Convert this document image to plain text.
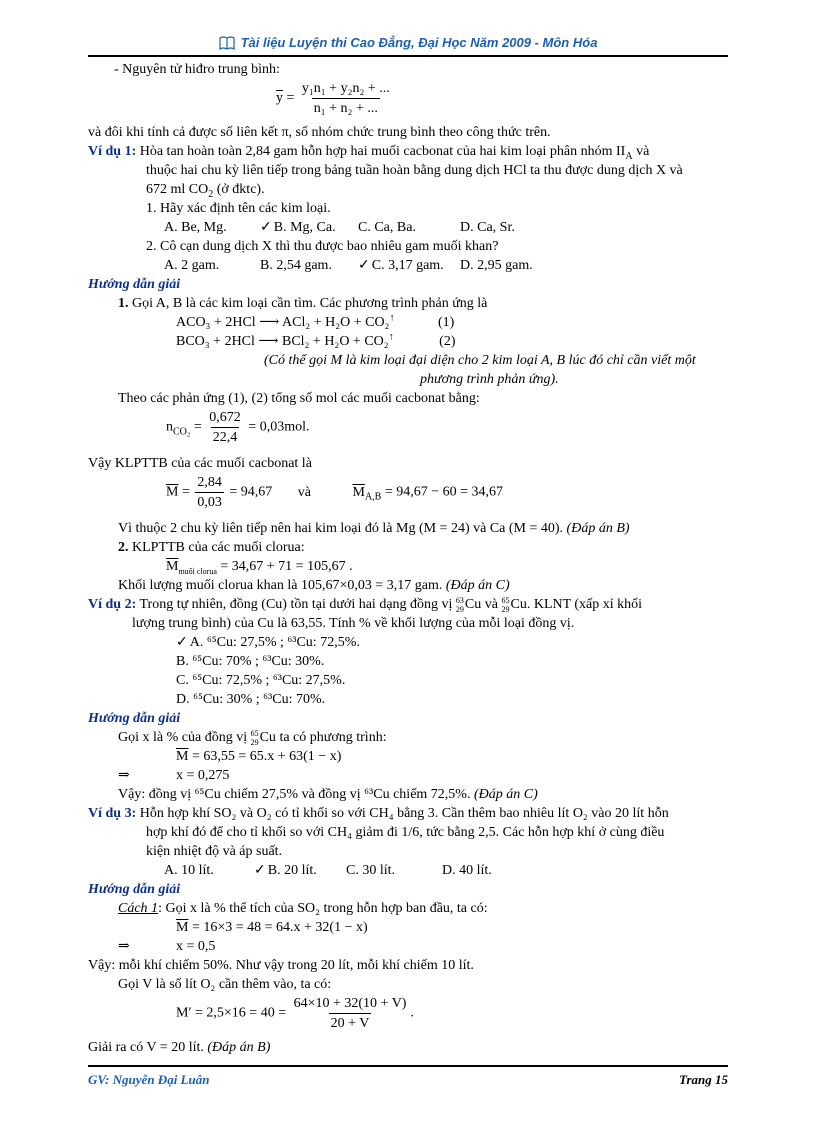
Tài liệu Luyện thi Cao Đẳng, Đại Học Năm 2009 - Môn Hóa
- Nguyên tử hiđro trung bình:
$\overline{y} = \frac{\text{y₁n₁ + y₂n₂ + ...}}{\text{n₁ + n₂ + ...}}$
và đôi khi tính cả được số liên kết π, số nhóm chức trung bình theo công thức trên.
Ví dụ 1: Hòa tan hoàn toàn 2,84 gam hỗn hợp hai muối cacbonat của hai kim loại phân nhóm $II_A$ và
thuộc hai chu kỳ liên tiếp trong bảng tuần hoàn bằng dung dịch HCl ta thu được dung dịch X và
672 ml $CO_2$ (ở đktc).
1. Hãy xác định tên các kim loại.
A. Be, Mg. ✓ B. Mg, Ca. C. Ca, Ba.	D. Ca, Sr.
2. Cô cạn dung dịch X thì thu được bao nhiêu gam muối khan?
A. 2 gam.	B. 2,54 gam. ✓ C. 3,17 gam. D. 2,95 gam.
Hướng dẫn giải
1. Gọi A, B là các kim loại cần tìm. Các phương trình phản ứng là
ACO₃ + 2HCl ⟶ ACl₂ + H₂O + CO₂↑	(1)
BCO₃ + 2HCl ⟶ BCl₂ + H₂O + CO₂↑	(2)
(Có thể gọi M là kim loại đại diện cho 2 kim loại A, B lúc đó chỉ cần viết một
phương trình phản ứng).
Theo các phản ứng (1), (2) tổng số mol các muối cacbonat bằng:
$n_{CO_2} = \frac{0,672}{22,4} = 0,03mol$.
Vậy KLPTTB của các muối cacbonat là
$\overline{M} = \frac{2,84}{0,03} = 94,67$ và	$\overline{M}_{A,B} = 94,67 - 60 = 34,67$
Vì thuộc 2 chu kỳ liên tiếp nên hai kim loại đó là Mg (M = 24) và Ca (M = 40). (Đáp án B)
2. KLPTTB của các muối clorua:
$\overline{M}_{muối clorua} = 34,67 + 71 = 105,67$ .
Khối lượng muối clorua khan là 105,67×0,03 = 3,17 gam. (Đáp án C)
Ví dụ 2: Trong tự nhiên, đồng (Cu) tồn tại dưới hai dạng đồng vị 63
29 Cu và 65
29 Cu . KLNT (xấp xỉ khối
lượng trung bình) của Cu là 63,55. Tính % về khối lượng của mỗi loại đồng vị.
✓ A. ⁶⁵Cu: 27,5% ; ⁶³Cu: 72,5%.
B. ⁶⁵Cu: 70% ; ⁶³Cu: 30%.
C. ⁶⁵Cu: 72,5% ; ⁶³Cu: 27,5%.
D. ⁶⁵Cu: 30% ; ⁶³Cu: 70%.
Hướng dẫn giải
Gọi x là % của đồng vị 65
29 Cu ta có phương trình:
$\overline{M} = 63,55 = 65.x + 63(1 - x)$
⇒	x = 0,275
Vậy: đồng vị ⁶⁵Cu chiếm 27,5% và đồng vị ⁶³Cu chiếm 72,5%. (Đáp án C)
Ví dụ 3: Hỗn hợp khí SO₂ và O₂ có tỉ khối so với CH₄ bằng 3. Cần thêm bao nhiêu lít O₂ vào 20 lít hỗn
hợp khí đó để cho tỉ khối so với CH₄ giảm đi 1/6, tức bằng 2,5. Các hỗn hợp khí ở cùng điều
kiện nhiệt độ và áp suất.
A. 10 lít.	✓ B. 20 lít. C. 30 lít.	D. 40 lít.
Hướng dẫn giải
Cách 1: Gọi x là % thể tích của SO₂ trong hỗn hợp ban đầu, ta có:
$\overline{M} = 16\times 3 = 48 = 64.x + 32(1 - x)$
⇒	x = 0,5
Vậy: mỗi khí chiếm 50%. Như vậy trong 20 lít, mỗi khí chiếm 10 lít.
Gọi V là số lít O₂ cần thêm vào, ta có:
$M' = 2,5\times 16 = 40 = \frac{64\times 10 + 32(10 + V)}{20 + V}$ .
Giải ra có V = 20 lít. (Đáp án B)
GV: Nguyễn Đại Luân	Trang 15
